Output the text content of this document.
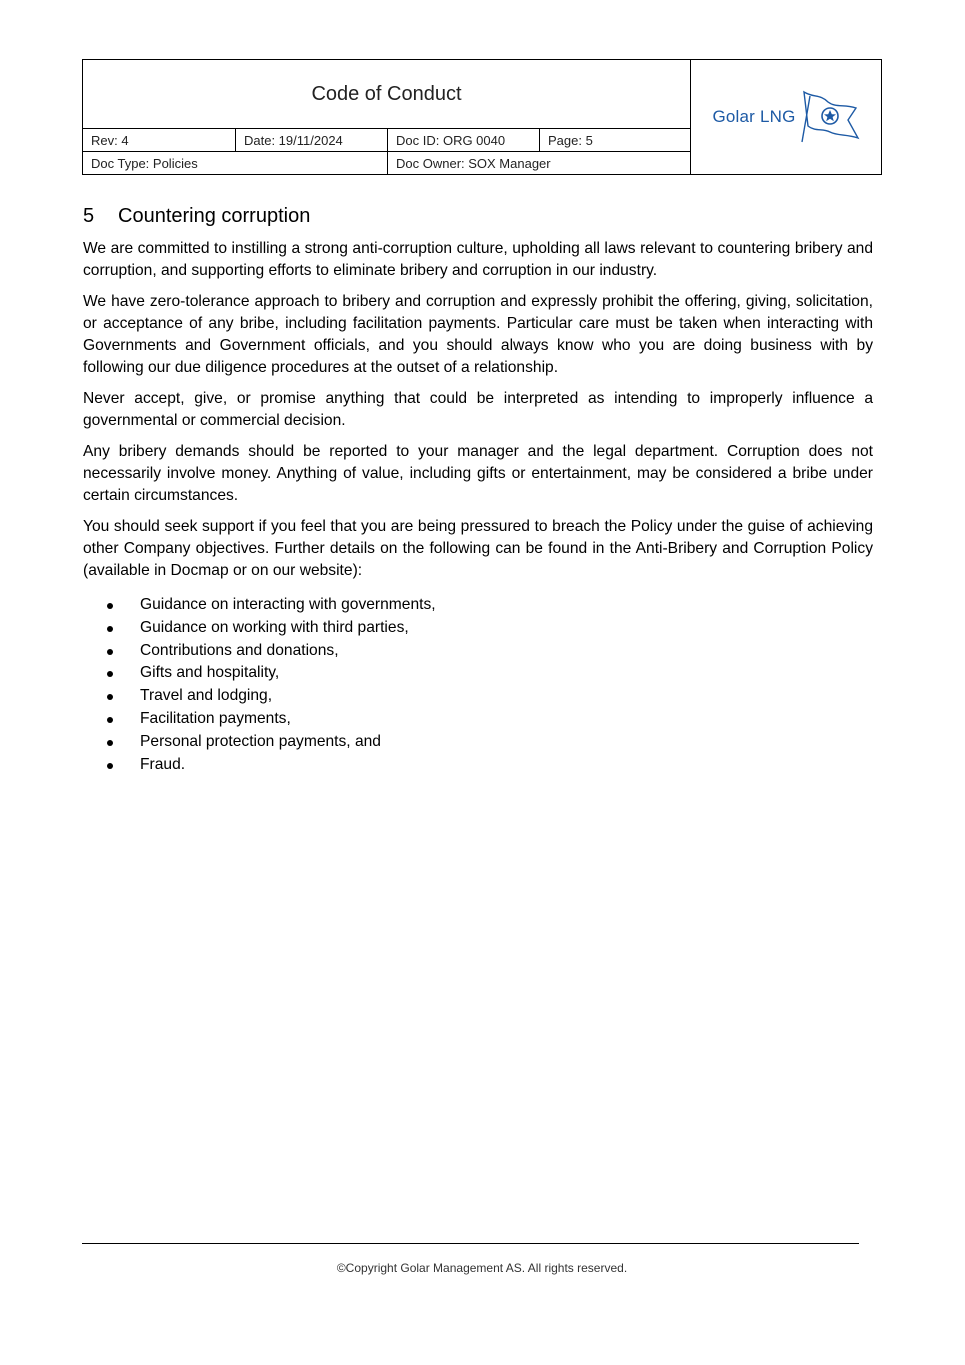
Code of Conduct
Rev: 4	Date: 19/11/2024	Doc ID: ORG 0040	Page: 5
Doc Type: Policies	Doc Owner: SOX Manager
Golar LNG
5	Countering corruption

We are committed to instilling a strong anti-corruption culture, upholding all laws relevant to countering bribery and corruption, and supporting efforts to eliminate bribery and corruption in our industry.

We have zero-tolerance approach to bribery and corruption and expressly prohibit the offering, giving, solicitation, or acceptance of any bribe, including facilitation payments. Particular care must be taken when interacting with Governments and Government officials, and you should always know who you are doing business with by following our due diligence procedures at the outset of a relationship.

Never accept, give, or promise anything that could be interpreted as intending to improperly influence a governmental or commercial decision.

Any bribery demands should be reported to your manager and the legal department. Corruption does not necessarily involve money. Anything of value, including gifts or entertainment, may be considered a bribe under certain circumstances.

You should seek support if you feel that you are being pressured to breach the Policy under the guise of achieving other Company objectives. Further details on the following can be found in the Anti-Bribery and Corruption Policy (available in Docmap or on our website):

Guidance on interacting with governments,
Guidance on working with third parties,
Contributions and donations,
Gifts and hospitality,
Travel and lodging,
Facilitation payments,
Personal protection payments, and
Fraud.
©Copyright Golar Management AS. All rights reserved.
